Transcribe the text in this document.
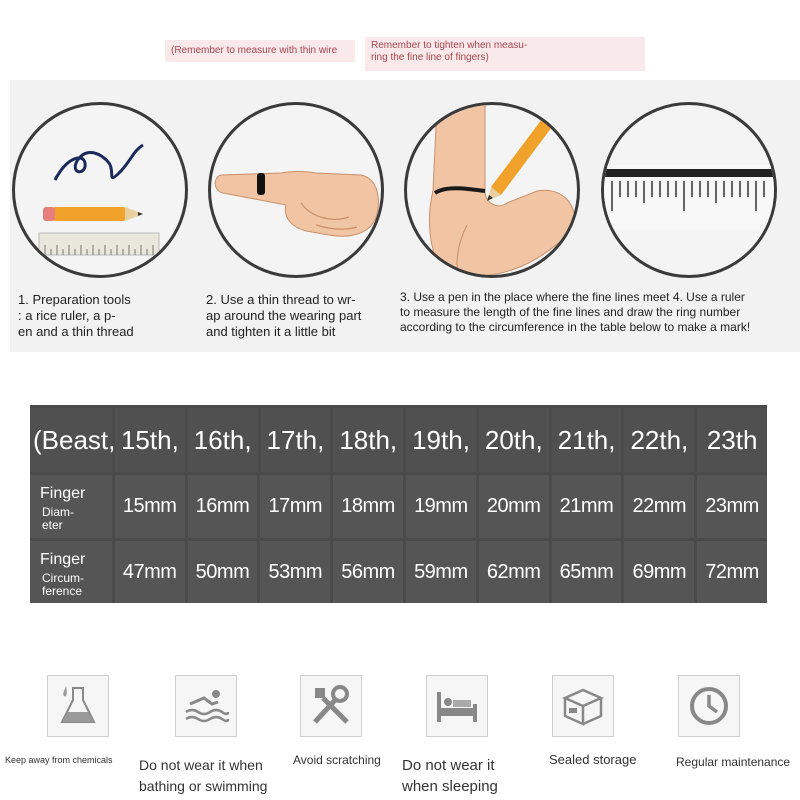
(Remember to measure with thin wire	Remember to tighten when measu-
ring the fine line of fingers)
1. Preparation tools
: a rice ruler, a p-
en and a thin thread
2. Use a thin thread to wr-
ap around the wearing part
and tighten it a little bit
3. Use a pen in the place where the fine lines meet 4. Use a ruler
to measure the length of the fine lines and draw the ring number
according to the circumference in the table below to make a mark!
(Beast, 15th, 16th, 17th, 18th, 19th, 20th, 21th, 22th, 23th
Finger
Diam-
eter
15mm 16mm 17mm 18mm 19mm 20mm 21mm 22mm 23mm
Finger
Circum-
ference
47mm 50mm 53mm 56mm 59mm 62mm 65mm 69mm 72mm
Keep away from chemicals	Do not wear it when
bathing or swimming
Avoid scratching	Do not wear it
when sleeping
Sealed storage	Regular maintenance
